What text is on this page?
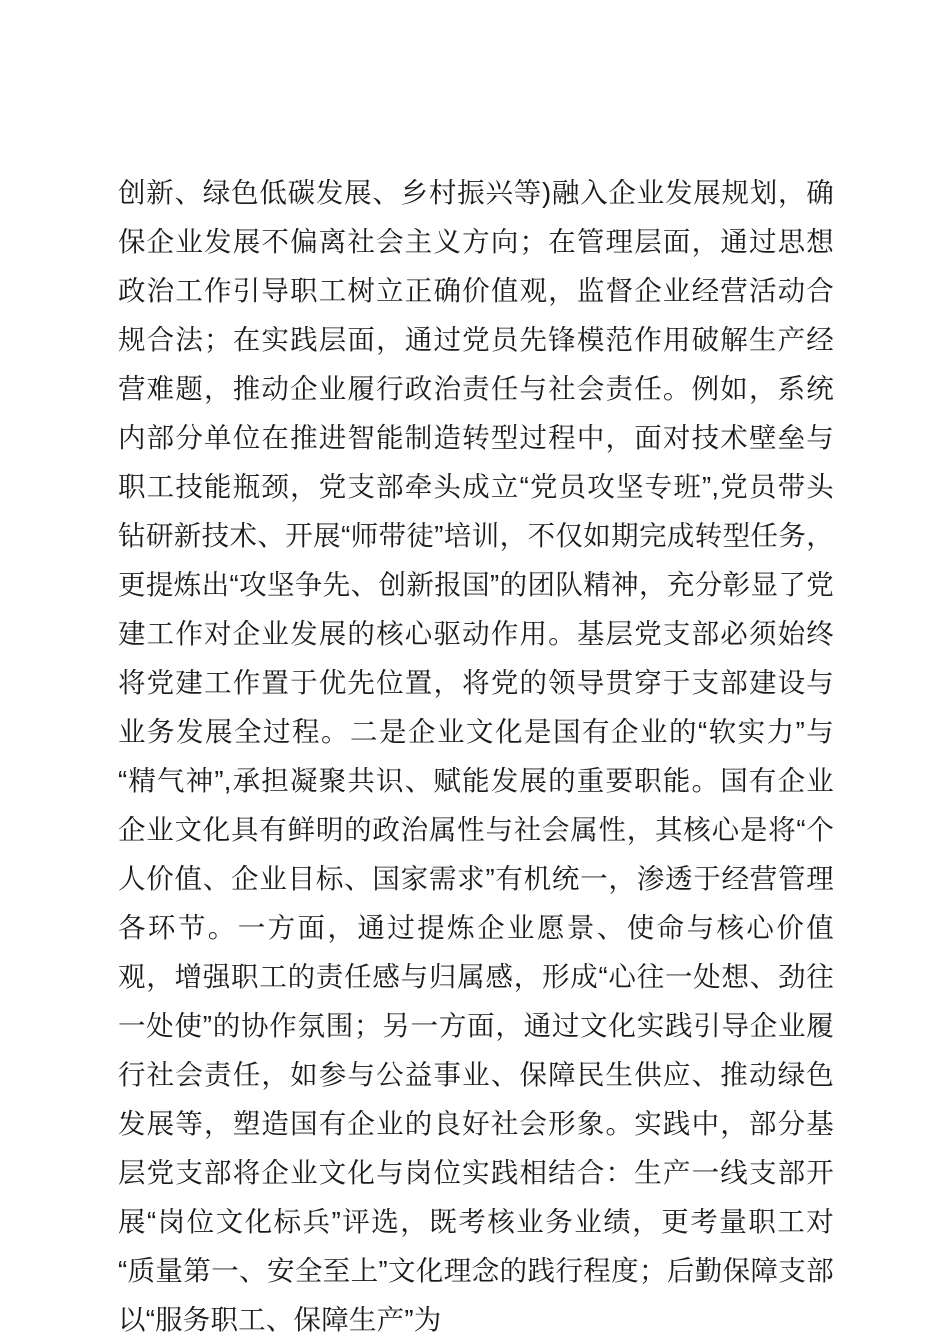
创新、绿色低碳发展、乡村振兴等)融入企业发展规划，确保企业发展不偏离社会主义方向；在管理层面，通过思想政治工作引导职工树立正确价值观，监督企业经营活动合规合法；在实践层面，通过党员先锋模范作用破解生产经营难题，推动企业履行政治责任与社会责任。例如，系统内部分单位在推进智能制造转型过程中，面对技术壁垒与职工技能瓶颈，党支部牵头成立“党员攻坚专班”,党员带头钻研新技术、开展“师带徒”培训，不仅如期完成转型任务，更提炼出“攻坚争先、创新报国”的团队精神，充分彰显了党建工作对企业发展的核心驱动作用。基层党支部必须始终将党建工作置于优先位置，将党的领导贯穿于支部建设与业务发展全过程。二是企业文化是国有企业的“软实力”与“精气神”,承担凝聚共识、赋能发展的重要职能。国有企业企业文化具有鲜明的政治属性与社会属性，其核心是将“个人价值、企业目标、国家需求”有机统一，渗透于经营管理各环节。一方面，通过提炼企业愿景、使命与核心价值观，增强职工的责任感与归属感，形成“心往一处想、劲往一处使”的协作氛围；另一方面，通过文化实践引导企业履行社会责任，如参与公益事业、保障民生供应、推动绿色发展等，塑造国有企业的良好社会形象。实践中，部分基层党支部将企业文化与岗位实践相结合：生产一线支部开展“岗位文化标兵”评选，既考核业务业绩，更考量职工对“质量第一、安全至上”文化理念的践行程度；后勤保障支部以“服务职工、保障生产”为
